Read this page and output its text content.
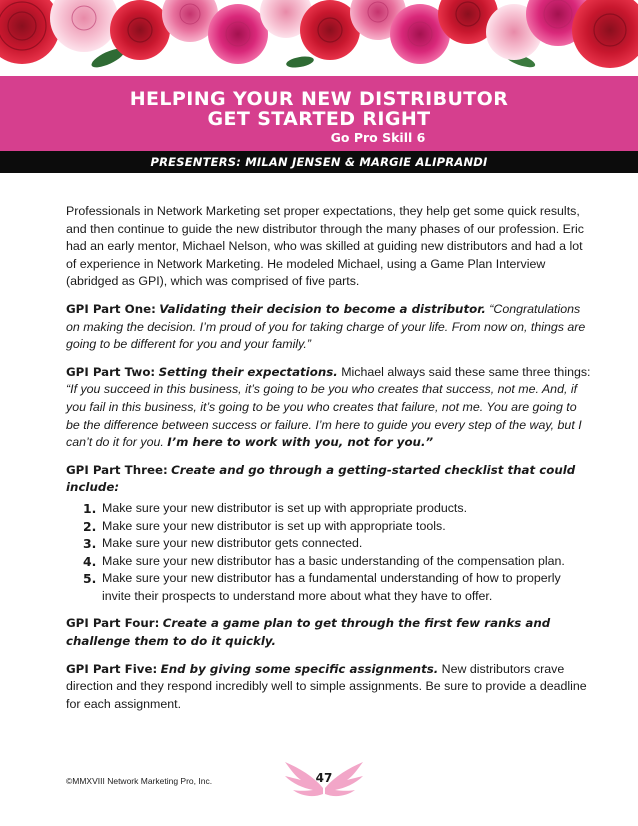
HELPING YOUR NEW DISTRIBUTOR
GET STARTED RIGHT
Go Pro Skill 6
PRESENTERS: MILAN JENSEN & MARGIE ALIPRANDI

Professionals in Network Marketing set proper expectations, they help get some quick results, and then continue to guide the new distributor through the many phases of our profession. Eric had an early mentor, Michael Nelson, who was skilled at guiding new distributors and had a lot of experience in Network Marketing. He modeled Michael, using a Game Plan Interview (abridged as GPI), which was comprised of five parts.

GPI Part One: Validating their decision to become a distributor. “Congratulations on making the decision. I’m proud of you for taking charge of your life. From now on, things are going to be different for you and your family.”

GPI Part Two: Setting their expectations. Michael always said these same three things: “If you succeed in this business, it’s going to be you who creates that success, not me. And, if you fail in this business, it’s going to be you who creates that failure, not me. You are going to be the difference between success or failure. I’m here to guide you every step of the way, but I can’t do it for you. I’m here to work with you, not for you.”

GPI Part Three: Create and go through a getting-started checklist that could include:

1. Make sure your new distributor is set up with appropriate products.
2. Make sure your new distributor is set up with appropriate tools.
3. Make sure your new distributor gets connected.
4. Make sure your new distributor has a basic understanding of the compensation plan.
5. Make sure your new distributor has a fundamental understanding of how to properly invite their prospects to understand more about what they have to offer.

GPI Part Four: Create a game plan to get through the first few ranks and challenge them to do it quickly.

GPI Part Five: End by giving some specific assignments. New distributors crave direction and they respond incredibly well to simple assignments. Be sure to provide a deadline for each assignment.

©MMXVIII Network Marketing Pro, Inc.	47
